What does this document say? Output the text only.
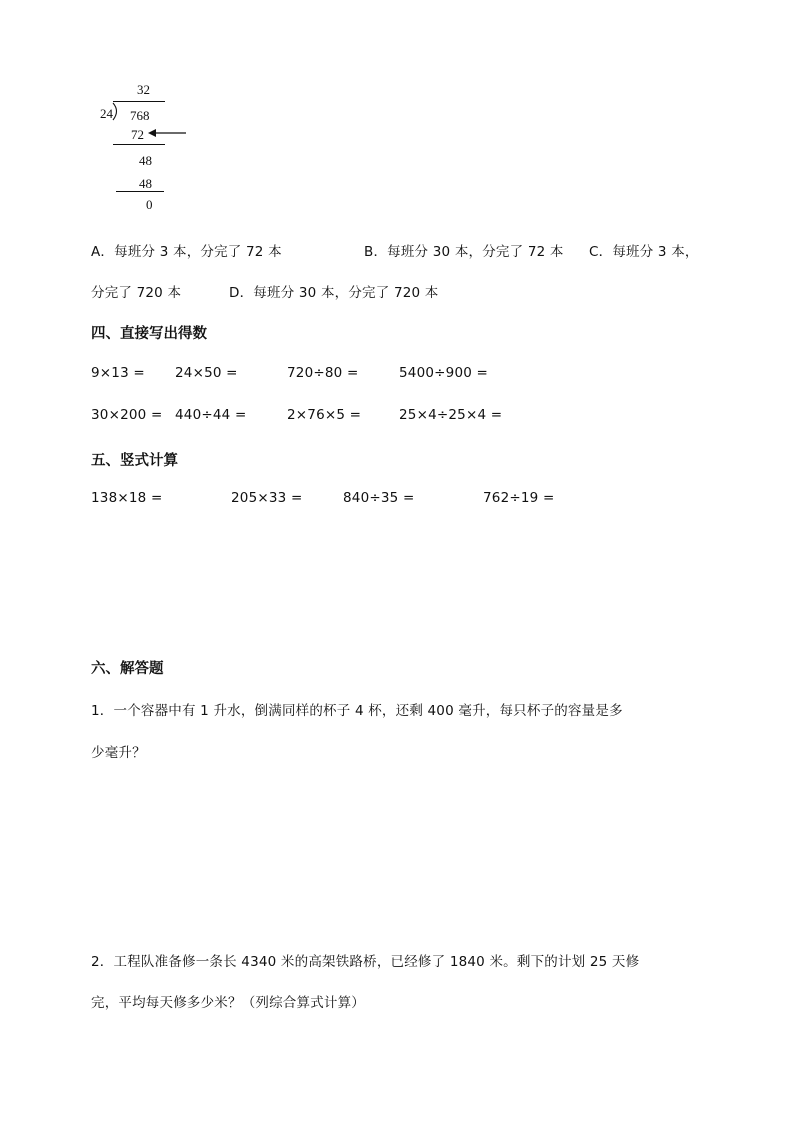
32
24 768
72
48
48
0
A．每班分 3 本，分完了 72 本	B．每班分 30 本，分完了 72 本 C．每班分 3 本，
分完了 720 本	D．每班分 30 本，分完了 720 本
四、直接写出得数
9×13 = 24×50 =	720÷80 =	5400÷900 =
30×200 = 440÷44 =	2×76×5 =	25×4÷25×4 =
五、竖式计算
138×18 =	205×33 =	840÷35 =	762÷19 =
六、解答题
1．一个容器中有 1 升水，倒满同样的杯子 4 杯，还剩 400 毫升，每只杯子的容量是多
少毫升？
2．工程队准备修一条长 4340 米的高架铁路桥，已经修了 1840 米。剩下的计划 25 天修
完，平均每天修多少米？（列综合算式计算）
